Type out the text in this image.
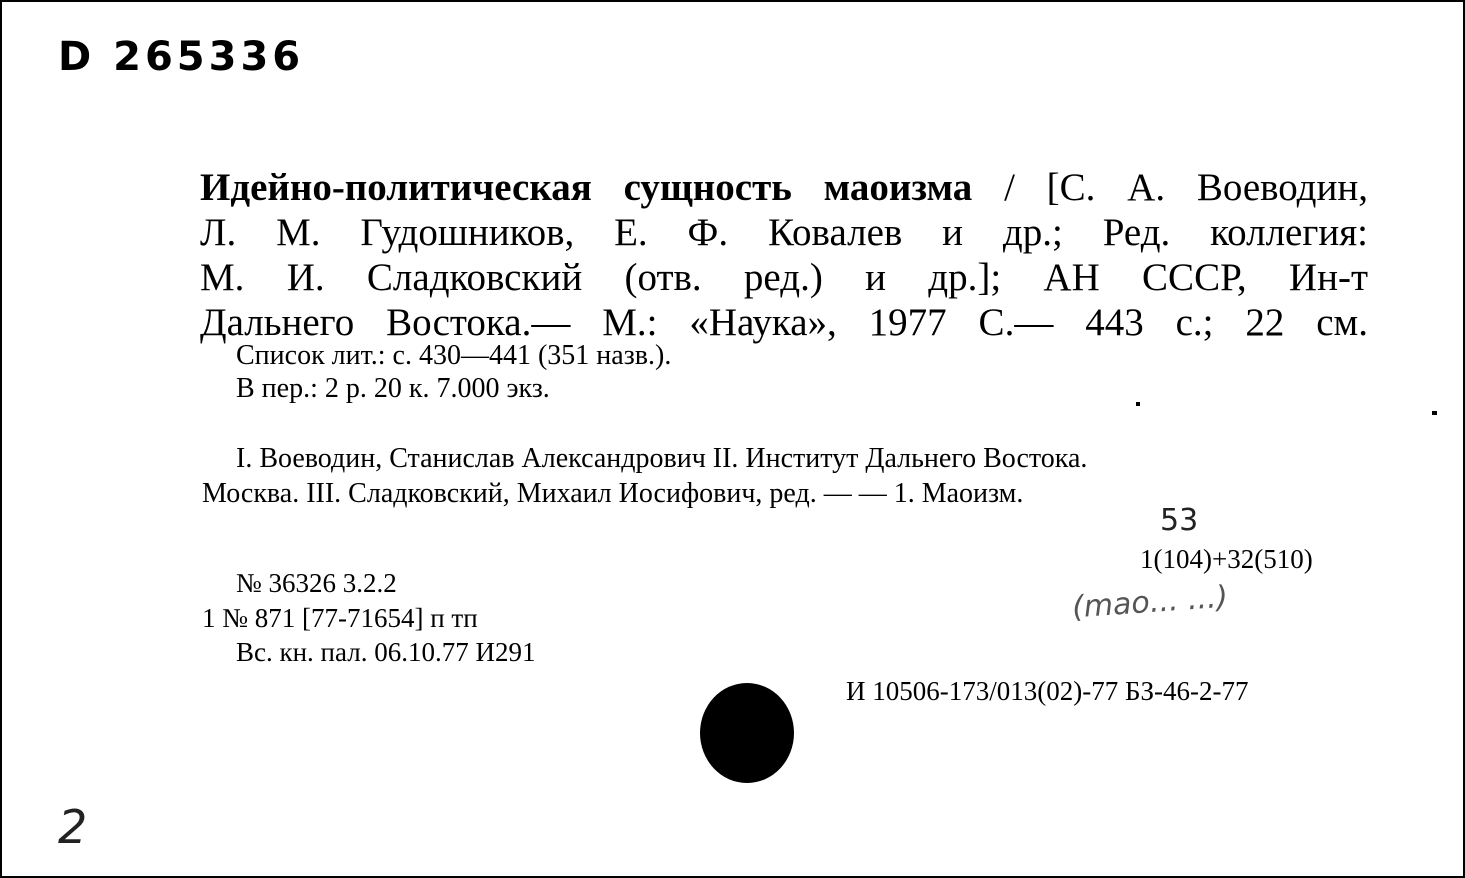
D 265336
Идейно-политическая сущность маоизма / [С. А. Воеводин,
Л. М. Гудошников, Е. Ф. Ковалев и др.; Ред. коллегия:
М. И. Сладковский (отв. ред.) и др.]; АН СССР, Ин-т
Дальнего Востока.— М.: «Наука», 1977 С.— 443 с.; 22 см.
Список лит.: с. 430—441 (351 назв.).
В пер.: 2 р. 20 к. 7.000 экз.
I. Воеводин, Станислав Александрович II. Институт Дальнего Востока.
Москва. III. Сладковский, Михаил Иосифович, ред. — — 1. Маоизм.
53
1(104)+32(510)
(mao... ...)
№ 36326 3.2.2
1 № 871 [77-71654] п тп
Вс. кн. пал. 06.10.77 И291
И 10506-173/013(02)-77 БЗ-46-2-77
2
